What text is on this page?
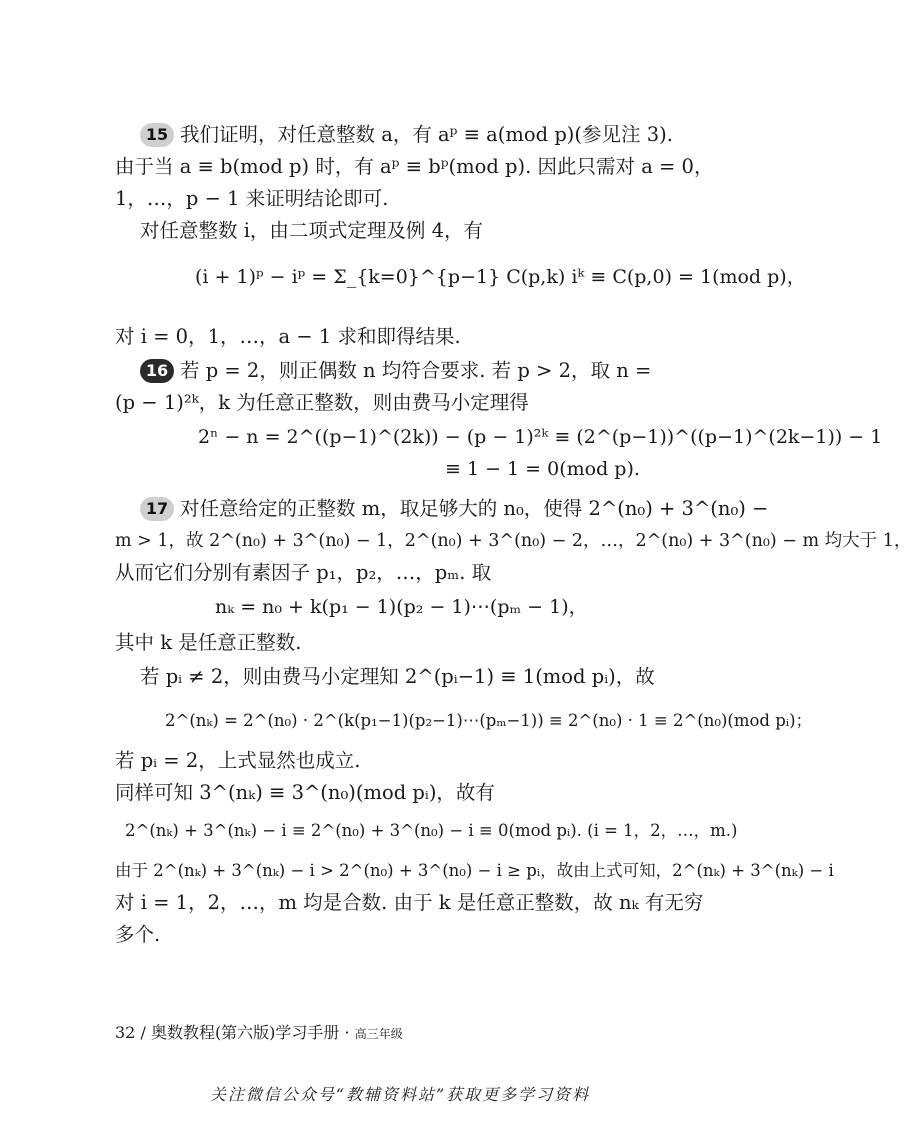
15 我们证明，对任意整数 a，有 aᵖ ≡ a(mod p)(参见注 3).
由于当 a ≡ b(mod p) 时，有 aᵖ ≡ bᵖ(mod p). 因此只需对 a = 0，
1，…，p − 1 来证明结论即可.
对任意整数 i，由二项式定理及例 4，有
(i + 1)ᵖ − iᵖ = Σ_{k=0}^{p−1} C(p,k) iᵏ ≡ C(p,0) = 1(mod p)，
对 i = 0，1，…，a − 1 求和即得结果.
16 若 p = 2，则正偶数 n 均符合要求. 若 p > 2，取 n =
(p − 1)²ᵏ，k 为任意正整数，则由费马小定理得
2ⁿ − n = 2^((p−1)^(2k)) − (p − 1)²ᵏ ≡ (2^(p−1))^((p−1)^(2k−1)) − 1
≡ 1 − 1 = 0(mod p).
17 对任意给定的正整数 m，取足够大的 n₀，使得 2^(n₀) + 3^(n₀) −
m > 1，故 2^(n₀) + 3^(n₀) − 1，2^(n₀) + 3^(n₀) − 2，…，2^(n₀) + 3^(n₀) − m 均大于 1，
从而它们分别有素因子 p₁，p₂，…，pₘ. 取
nₖ = n₀ + k(p₁ − 1)(p₂ − 1)⋯(pₘ − 1)，
其中 k 是任意正整数.
若 pᵢ ≠ 2，则由费马小定理知 2^(pᵢ−1) ≡ 1(mod pᵢ)，故
2^(nₖ) = 2^(n₀) · 2^(k(p₁−1)(p₂−1)⋯(pₘ−1)) ≡ 2^(n₀) · 1 ≡ 2^(n₀)(mod pᵢ)；
若 pᵢ = 2，上式显然也成立.
同样可知 3^(nₖ) ≡ 3^(n₀)(mod pᵢ)，故有
2^(nₖ) + 3^(nₖ) − i ≡ 2^(n₀) + 3^(n₀) − i ≡ 0(mod pᵢ). (i = 1，2，…，m.)
由于 2^(nₖ) + 3^(nₖ) − i > 2^(n₀) + 3^(n₀) − i ≥ pᵢ，故由上式可知，2^(nₖ) + 3^(nₖ) − i
对 i = 1，2，…，m 均是合数. 由于 k 是任意正整数，故 nₖ 有无穷
多个.
32 / 奥数教程(第六版)学习手册 · 高三年级
关注微信公众号“教辅资料站”获取更多学习资料
